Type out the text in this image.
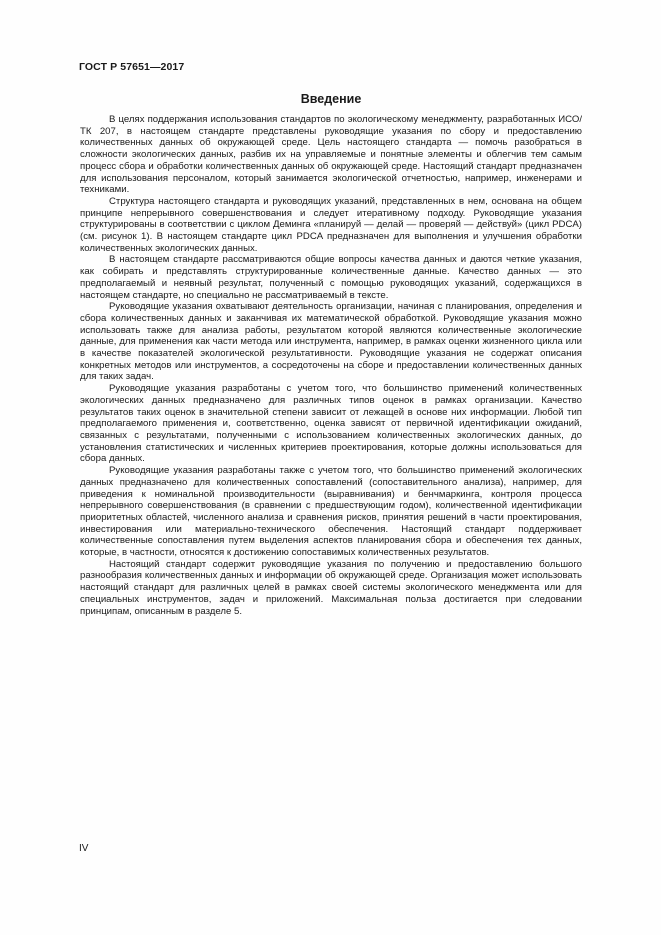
ГОСТ Р 57651—2017
Введение

В целях поддержания использования стандартов по экологическому менеджменту, разработанных ИСО/ТК 207, в настоящем стандарте представлены руководящие указания по сбору и предоставлению количественных данных об окружающей среде. Цель настоящего стандарта — помочь разобраться в сложности экологических данных, разбив их на управляемые и понятные элементы и облегчив тем самым процесс сбора и обработки количественных данных об окружающей среде. Настоящий стандарт предназначен для использования персоналом, который занимается экологической отчетностью, например, инженерами и техниками.

Структура настоящего стандарта и руководящих указаний, представленных в нем, основана на общем принципе непрерывного совершенствования и следует итеративному подходу. Руководящие указания структурированы в соответствии с циклом Деминга «планируй — делай — проверяй — действуй» (цикл PDCA) (см. рисунок 1). В настоящем стандарте цикл PDCA предназначен для выполнения и улучшения обработки количественных экологических данных.

В настоящем стандарте рассматриваются общие вопросы качества данных и даются четкие указания, как собирать и представлять структурированные количественные данные. Качество данных — это предполагаемый и неявный результат, полученный с помощью руководящих указаний, содержащихся в настоящем стандарте, но специально не рассматриваемый в тексте.

Руководящие указания охватывают деятельность организации, начиная с планирования, определения и сбора количественных данных и заканчивая их математической обработкой. Руководящие указания можно использовать также для анализа работы, результатом которой являются количественные экологические данные, для применения как части метода или инструмента, например, в рамках оценки жизненного цикла или в качестве показателей экологической результативности. Руководящие указания не содержат описания конкретных методов или инструментов, а сосредоточены на сборе и предоставлении количественных данных для таких задач.

Руководящие указания разработаны с учетом того, что большинство применений количественных экологических данных предназначено для различных типов оценок в рамках организации. Качество результатов таких оценок в значительной степени зависит от лежащей в основе них информации. Любой тип предполагаемого применения и, соответственно, оценка зависят от первичной идентификации ожиданий, связанных с результатами, полученными с использованием количественных экологических данных, до установления статистических и численных критериев проектирования, которые должны использоваться для сбора данных.

Руководящие указания разработаны также с учетом того, что большинство применений экологических данных предназначено для количественных сопоставлений (сопоставительного анализа), например, для приведения к номинальной производительности (выравнивания) и бенчмаркинга, контроля процесса непрерывного совершенствования (в сравнении с предшествующим годом), количественной идентификации приоритетных областей, численного анализа и сравнения рисков, принятия решений в части проектирования, инвестирования или материально-технического обеспечения. Настоящий стандарт поддерживает количественные сопоставления путем выделения аспектов планирования сбора и обеспечения тех данных, которые, в частности, относятся к достижению сопоставимых количественных результатов.

Настоящий стандарт содержит руководящие указания по получению и предоставлению большого разнообразия количественных данных и информации об окружающей среде. Организация может использовать настоящий стандарт для различных целей в рамках своей системы экологического менеджмента или для специальных инструментов, задач и приложений. Максимальная польза достигается при следовании принципам, описанным в разделе 5.

IV
